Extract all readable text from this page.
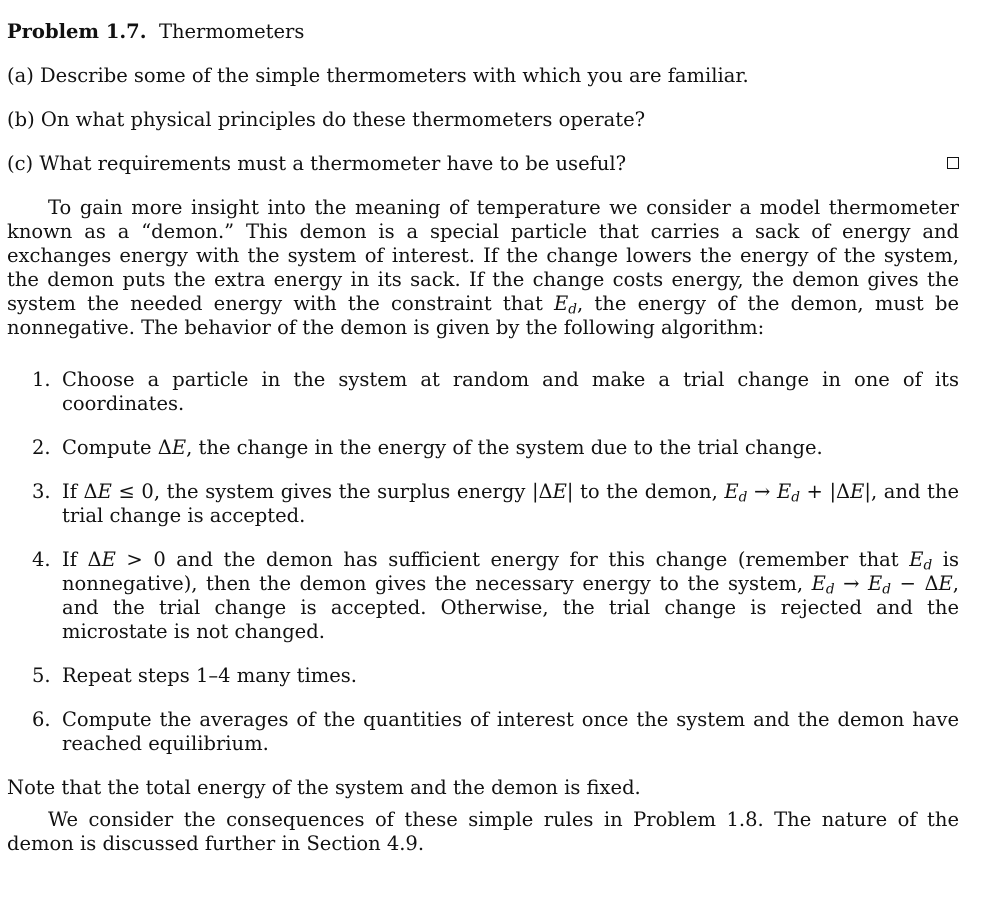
Problem 1.7. Thermometers

(a) Describe some of the simple thermometers with which you are familiar.
(b) On what physical principles do these thermometers operate?
(c) What requirements must a thermometer have to be useful?

To gain more insight into the meaning of temperature we consider a model thermometer known as a “demon.” This demon is a special particle that carries a sack of energy and exchanges energy with the system of interest. If the change lowers the energy of the system, the demon puts the extra energy in its sack. If the change costs energy, the demon gives the system the needed energy with the constraint that $E_d$, the energy of the demon, must be nonnegative. The behavior of the demon is given by the following algorithm:

1. Choose a particle in the system at random and make a trial change in one of its coordinates.
2. Compute ΔE, the change in the energy of the system due to the trial change.
3. If ΔE ≤ 0, the system gives the surplus energy |ΔE| to the demon, $E_d \to E_d + |\Delta E|$, and the trial change is accepted.
4. If ΔE > 0 and the demon has sufficient energy for this change (remember that $E_d$ is nonnegative), then the demon gives the necessary energy to the system, $E_d \to E_d - \Delta E$, and the trial change is accepted. Otherwise, the trial change is rejected and the microstate is not changed.
5. Repeat steps 1–4 many times.
6. Compute the averages of the quantities of interest once the system and the demon have reached equilibrium.

Note that the total energy of the system and the demon is fixed.

We consider the consequences of these simple rules in Problem 1.8. The nature of the demon is discussed further in Section 4.9.
